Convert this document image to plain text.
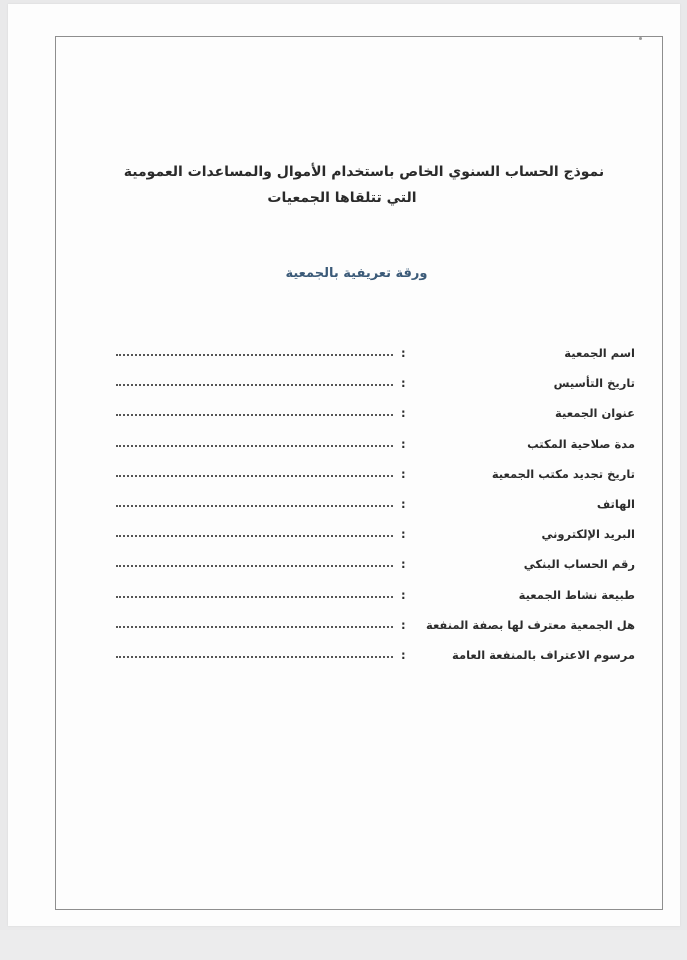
نموذج الحساب السنوي الخاص باستخدام الأموال والمساعدات العمومية
التي تتلقاها الجمعيات
ورقة تعريفية بالجمعية
اسم الجمعية
:
تاريخ التأسيس
:
عنوان الجمعية
:
مدة صلاحية المكتب
:
تاريخ تجديد مكتب الجمعية
:
الهاتف
:
البريد الإلكتروني
:
رقم الحساب البنكي
:
طبيعة نشاط الجمعية
:
هل الجمعية معترف لها بصفة المنفعة
:
مرسوم الاعتراف بالمنفعة العامة
:
